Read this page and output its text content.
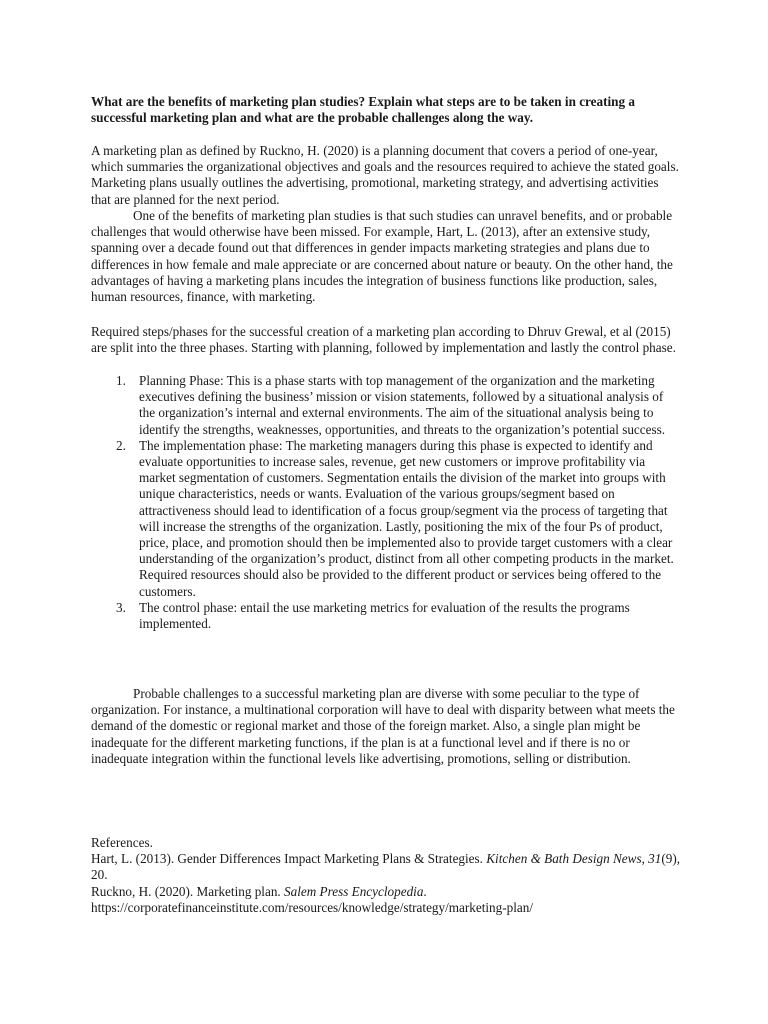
What are the benefits of marketing plan studies? Explain what steps are to be taken in creating a successful marketing plan and what are the probable challenges along the way.
A marketing plan as defined by Ruckno, H. (2020) is a planning document that covers a period of one-year, which summaries the organizational objectives and goals and the resources required to achieve the stated goals. Marketing plans usually outlines the advertising, promotional, marketing strategy, and advertising activities that are planned for the next period.
One of the benefits of marketing plan studies is that such studies can unravel benefits, and or probable challenges that would otherwise have been missed. For example, Hart, L. (2013), after an extensive study, spanning over a decade found out that differences in gender impacts marketing strategies and plans due to differences in how female and male appreciate or are concerned about nature or beauty. On the other hand, the advantages of having a marketing plans incudes the integration of business functions like production, sales, human resources, finance, with marketing.
Required steps/phases for the successful creation of a marketing plan according to Dhruv Grewal, et al (2015) are split into the three phases. Starting with planning, followed by implementation and lastly the control phase.
1. Planning Phase: This is a phase starts with top management of the organization and the marketing executives defining the business’ mission or vision statements, followed by a situational analysis of the organization’s internal and external environments. The aim of the situational analysis being to identify the strengths, weaknesses, opportunities, and threats to the organization’s potential success.
2. The implementation phase: The marketing managers during this phase is expected to identify and evaluate opportunities to increase sales, revenue, get new customers or improve profitability via market segmentation of customers. Segmentation entails the division of the market into groups with unique characteristics, needs or wants. Evaluation of the various groups/segment based on attractiveness should lead to identification of a focus group/segment via the process of targeting that will increase the strengths of the organization. Lastly, positioning the mix of the four Ps of product, price, place, and promotion should then be implemented also to provide target customers with a clear understanding of the organization’s product, distinct from all other competing products in the market. Required resources should also be provided to the different product or services being offered to the customers.
3. The control phase: entail the use marketing metrics for evaluation of the results the programs implemented.
Probable challenges to a successful marketing plan are diverse with some peculiar to the type of organization. For instance, a multinational corporation will have to deal with disparity between what meets the demand of the domestic or regional market and those of the foreign market. Also, a single plan might be inadequate for the different marketing functions, if the plan is at a functional level and if there is no or inadequate integration within the functional levels like advertising, promotions, selling or distribution.
References.
Hart, L. (2013). Gender Differences Impact Marketing Plans & Strategies. Kitchen & Bath Design News, 31(9), 20.
Ruckno, H. (2020). Marketing plan. Salem Press Encyclopedia.
https://corporatefinanceinstitute.com/resources/knowledge/strategy/marketing-plan/
